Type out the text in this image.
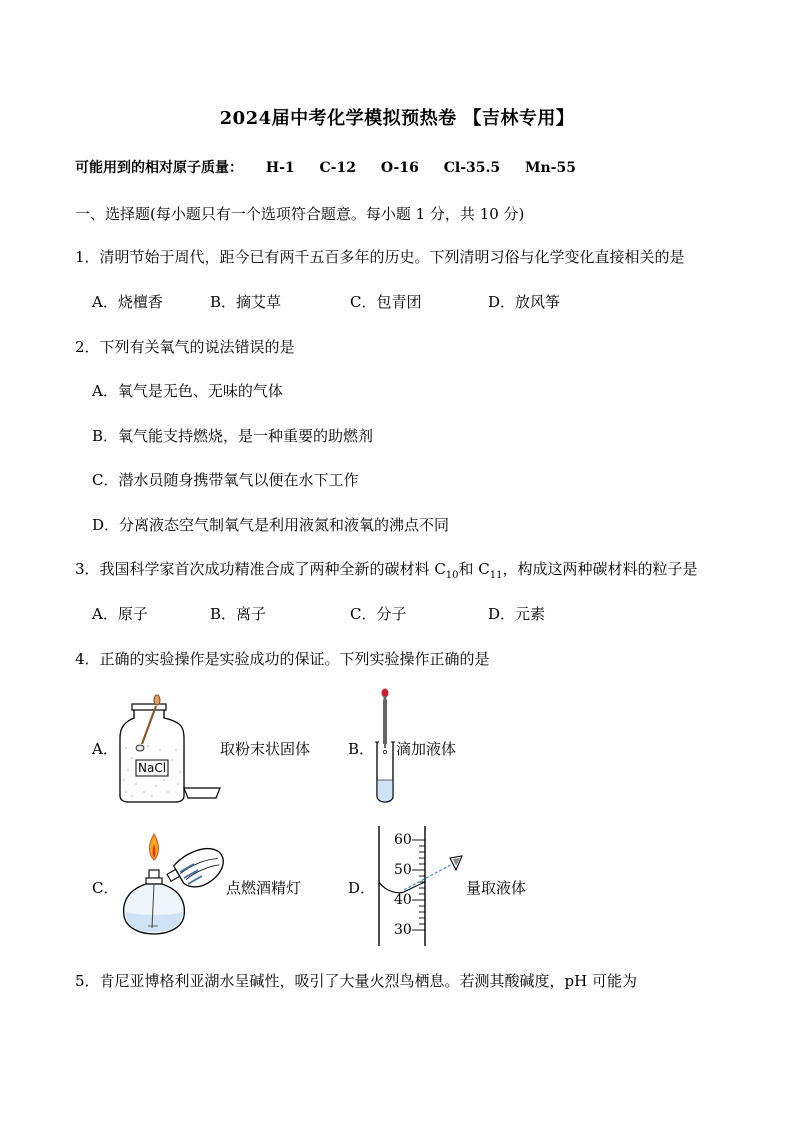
2024届中考化学模拟预热卷 【吉林专用】
可能用到的相对原子质量： H-1 C-12 O-16 Cl-35.5 Mn-55
一、选择题(每小题只有一个选项符合题意。每小题 1 分，共 10 分)
1．清明节始于周代，距今已有两千五百多年的历史。下列清明习俗与化学变化直接相关的是
A．烧檀香	B．摘艾草	C．包青团	D．放风筝
2．下列有关氧气的说法错误的是
A．氧气是无色、无味的气体
B．氧气能支持燃烧，是一种重要的助燃剂
C．潜水员随身携带氧气以便在水下工作
D．分离液态空气制氧气是利用液氮和液氧的沸点不同
3．我国科学家首次成功精准合成了两种全新的碳材料 $C_{10}$和 $C_{11}$，构成这两种碳材料的粒子是
A．原子	B．离子	C．分子	D．元素
4．正确的实验操作是实验成功的保证。下列实验操作正确的是
A．
NaCl
取粉末状固体	B． 滴加液体
C．	点燃酒精灯	D．
60
50
40
30
量取液体
5．肯尼亚博格利亚湖水呈碱性，吸引了大量火烈鸟栖息。若测其酸碱度，pH 可能为
